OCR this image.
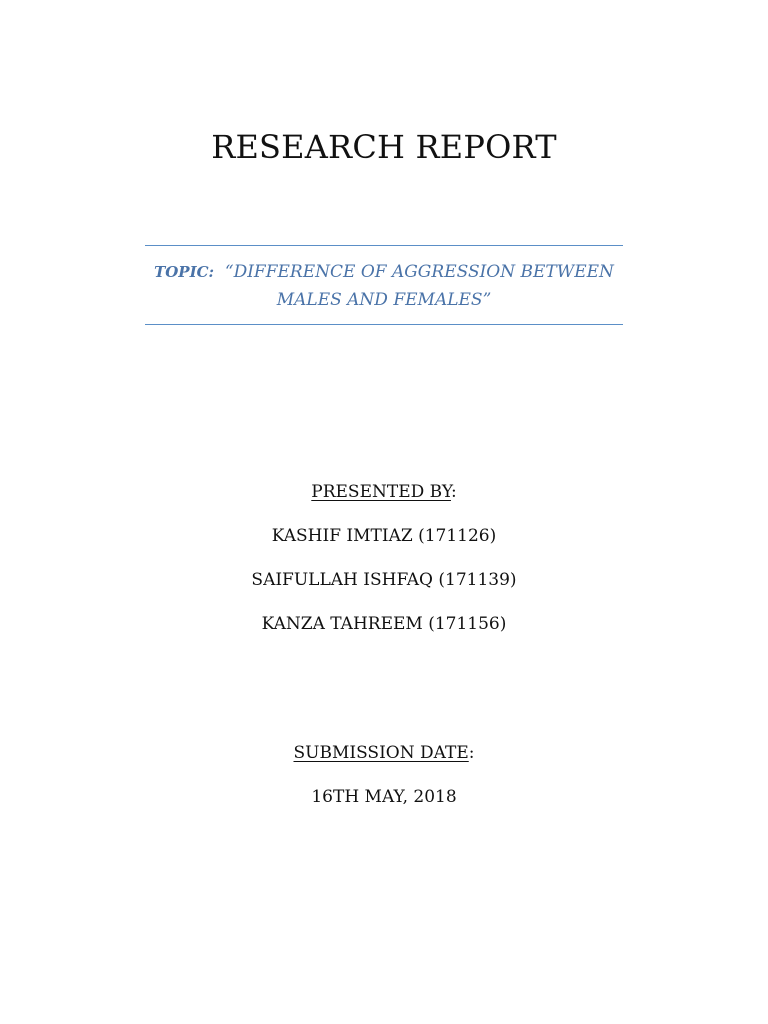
RESEARCH REPORT
TOPIC: “DIFFERENCE OF AGGRESSION BETWEEN
MALES AND FEMALES”
PRESENTED BY:
KASHIF IMTIAZ (171126)
SAIFULLAH ISHFAQ (171139)
KANZA TAHREEM (171156)
SUBMISSION DATE:
16TH MAY, 2018
